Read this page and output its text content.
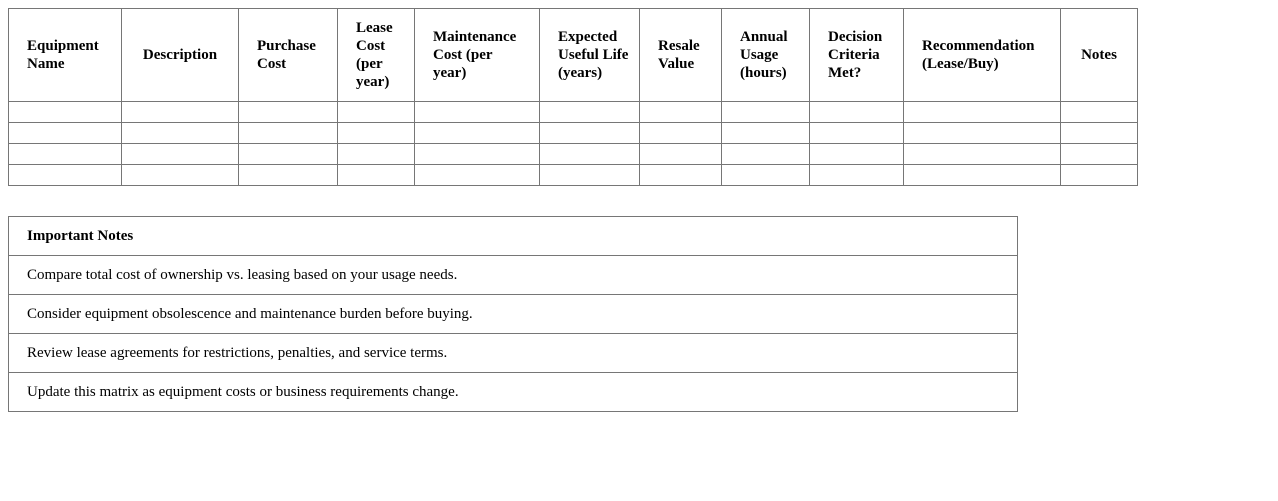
Equipment Name	Description	Purchase Cost	Lease Cost (per year)	Maintenance Cost (per year)	Expected Useful Life (years)	Resale Value	Annual Usage (hours)	Decision Criteria Met?	Recommendation (Lease/Buy)	Notes

Important Notes
Compare total cost of ownership vs. leasing based on your usage needs.
Consider equipment obsolescence and maintenance burden before buying.
Review lease agreements for restrictions, penalties, and service terms.
Update this matrix as equipment costs or business requirements change.
